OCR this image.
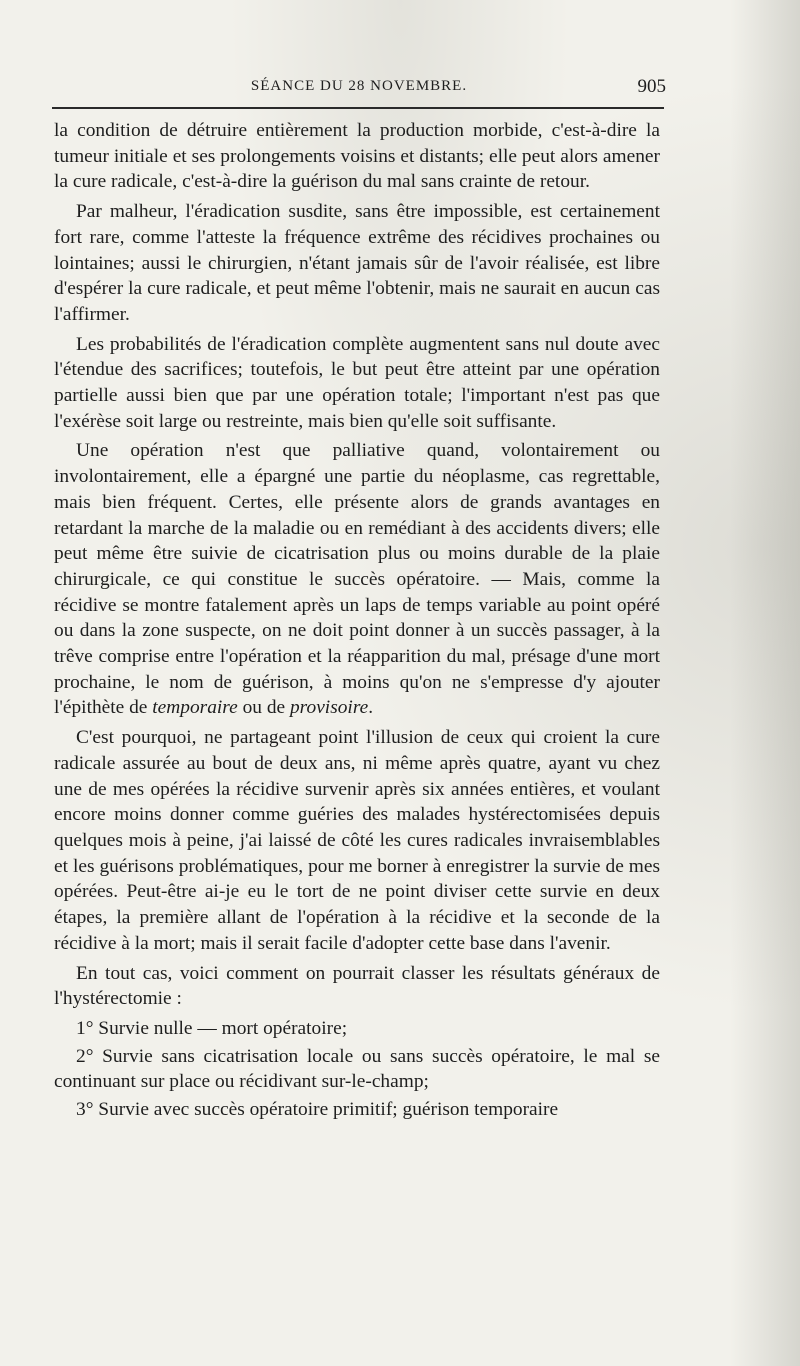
SÉANCE DU 28 NOVEMBRE.	905

la condition de détruire entièrement la production morbide, c'est-à-dire la tumeur initiale et ses prolongements voisins et distants; elle peut alors amener la cure radicale, c'est-à-dire la guérison du mal sans crainte de retour.

Par malheur, l'éradication susdite, sans être impossible, est certainement fort rare, comme l'atteste la fréquence extrême des récidives prochaines ou lointaines; aussi le chirurgien, n'étant jamais sûr de l'avoir réalisée, est libre d'espérer la cure radicale, et peut même l'obtenir, mais ne saurait en aucun cas l'affirmer.

Les probabilités de l'éradication complète augmentent sans nul doute avec l'étendue des sacrifices; toutefois, le but peut être atteint par une opération partielle aussi bien que par une opération totale; l'important n'est pas que l'exérèse soit large ou restreinte, mais bien qu'elle soit suffisante.

Une opération n'est que palliative quand, volontairement ou involontairement, elle a épargné une partie du néoplasme, cas regrettable, mais bien fréquent. Certes, elle présente alors de grands avantages en retardant la marche de la maladie ou en remédiant à des accidents divers; elle peut même être suivie de cicatrisation plus ou moins durable de la plaie chirurgicale, ce qui constitue le succès opératoire. — Mais, comme la récidive se montre fatalement après un laps de temps variable au point opéré ou dans la zone suspecte, on ne doit point donner à un succès passager, à la trêve comprise entre l'opération et la réapparition du mal, présage d'une mort prochaine, le nom de guérison, à moins qu'on ne s'empresse d'y ajouter l'épithète de temporaire ou de provisoire.

C'est pourquoi, ne partageant point l'illusion de ceux qui croient la cure radicale assurée au bout de deux ans, ni même après quatre, ayant vu chez une de mes opérées la récidive survenir après six années entières, et voulant encore moins donner comme guéries des malades hystérectomisées depuis quelques mois à peine, j'ai laissé de côté les cures radicales invraisemblables et les guérisons problématiques, pour me borner à enregistrer la survie de mes opérées. Peut-être ai-je eu le tort de ne point diviser cette survie en deux étapes, la première allant de l'opération à la récidive et la seconde de la récidive à la mort; mais il serait facile d'adopter cette base dans l'avenir.

En tout cas, voici comment on pourrait classer les résultats généraux de l'hystérectomie :

1° Survie nulle — mort opératoire;

2° Survie sans cicatrisation locale ou sans succès opératoire, le mal se continuant sur place ou récidivant sur-le-champ;

3° Survie avec succès opératoire primitif; guérison temporaire
